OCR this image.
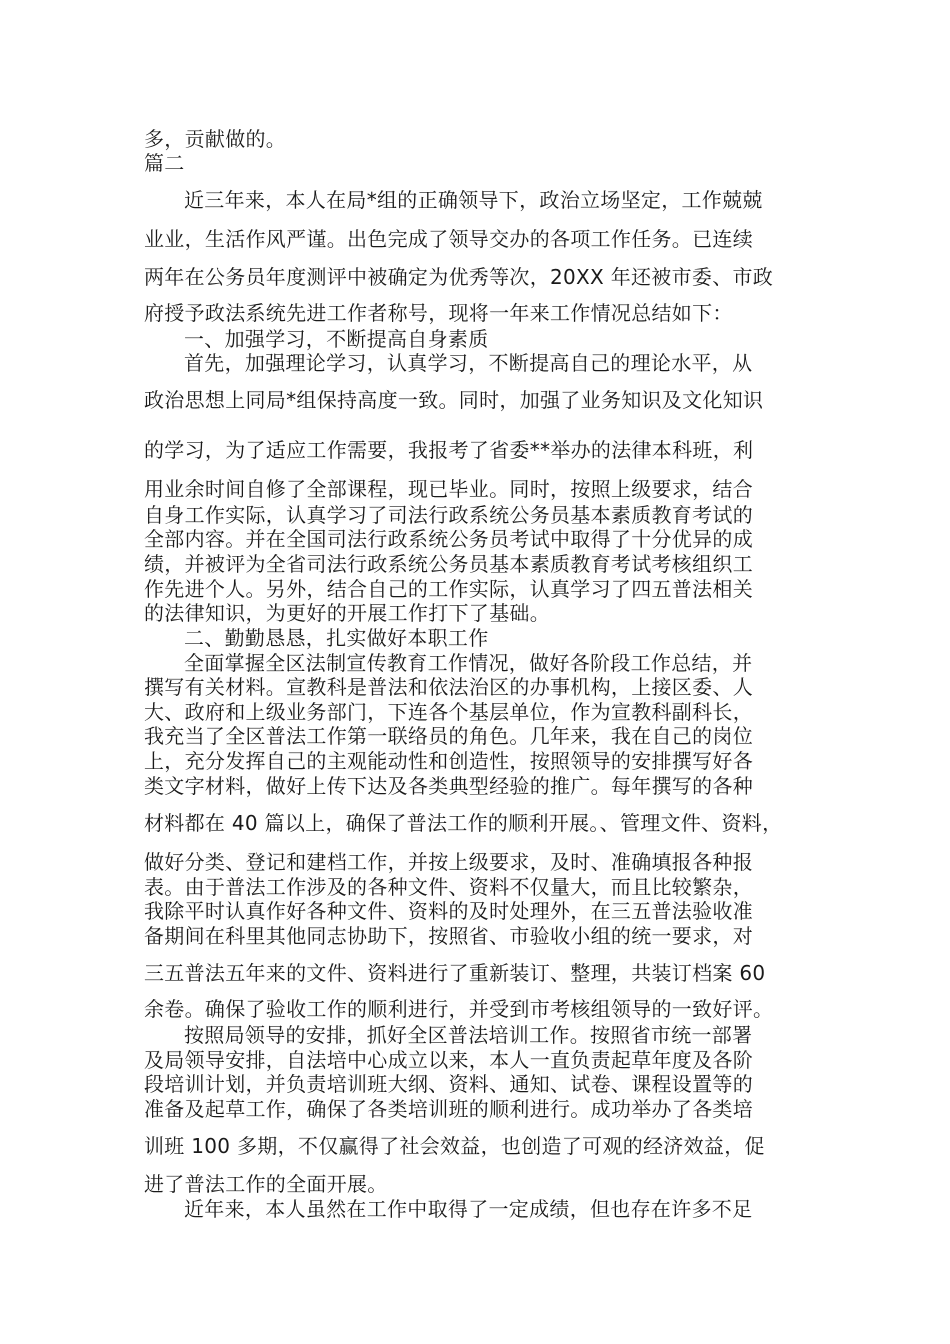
多，贡献做的。
篇二
近三年来，本人在局*组的正确领导下，政治立场坚定，工作兢兢
业业，生活作风严谨。出色完成了领导交办的各项工作任务。已连续
两年在公务员年度测评中被确定为优秀等次，20XX 年还被市委、市政
府授予政法系统先进工作者称号，现将一年来工作情况总结如下：
一、加强学习，不断提高自身素质
首先，加强理论学习，认真学习，不断提高自己的理论水平，从
政治思想上同局*组保持高度一致。同时，加强了业务知识及文化知识
的学习，为了适应工作需要，我报考了省委**举办的法律本科班，利
用业余时间自修了全部课程，现已毕业。同时，按照上级要求，结合
自身工作实际，认真学习了司法行政系统公务员基本素质教育考试的
全部内容。并在全国司法行政系统公务员考试中取得了十分优异的成
绩，并被评为全省司法行政系统公务员基本素质教育考试考核组织工
作先进个人。另外，结合自己的工作实际，认真学习了四五普法相关
的法律知识，为更好的开展工作打下了基础。
二、勤勤恳恳，扎实做好本职工作
全面掌握全区法制宣传教育工作情况，做好各阶段工作总结，并
撰写有关材料。宣教科是普法和依法治区的办事机构，上接区委、人
大、政府和上级业务部门，下连各个基层单位，作为宣教科副科长，
我充当了全区普法工作第一联络员的角色。几年来，我在自己的岗位
上，充分发挥自己的主观能动性和创造性，按照领导的安排撰写好各
类文字材料，做好上传下达及各类典型经验的推广。每年撰写的各种
材料都在 40 篇以上，确保了普法工作的顺利开展。、管理文件、资料，
做好分类、登记和建档工作，并按上级要求，及时、准确填报各种报
表。由于普法工作涉及的各种文件、资料不仅量大，而且比较繁杂，
我除平时认真作好各种文件、资料的及时处理外，在三五普法验收准
备期间在科里其他同志协助下，按照省、市验收小组的统一要求，对
三五普法五年来的文件、资料进行了重新装订、整理，共装订档案 60
余卷。确保了验收工作的顺利进行，并受到市考核组领导的一致好评。
按照局领导的安排，抓好全区普法培训工作。按照省市统一部署
及局领导安排，自法培中心成立以来，本人一直负责起草年度及各阶
段培训计划，并负责培训班大纲、资料、通知、试卷、课程设置等的
准备及起草工作，确保了各类培训班的顺利进行。成功举办了各类培
训班 100 多期，不仅赢得了社会效益，也创造了可观的经济效益，促
进了普法工作的全面开展。
近年来，本人虽然在工作中取得了一定成绩，但也存在许多不足
